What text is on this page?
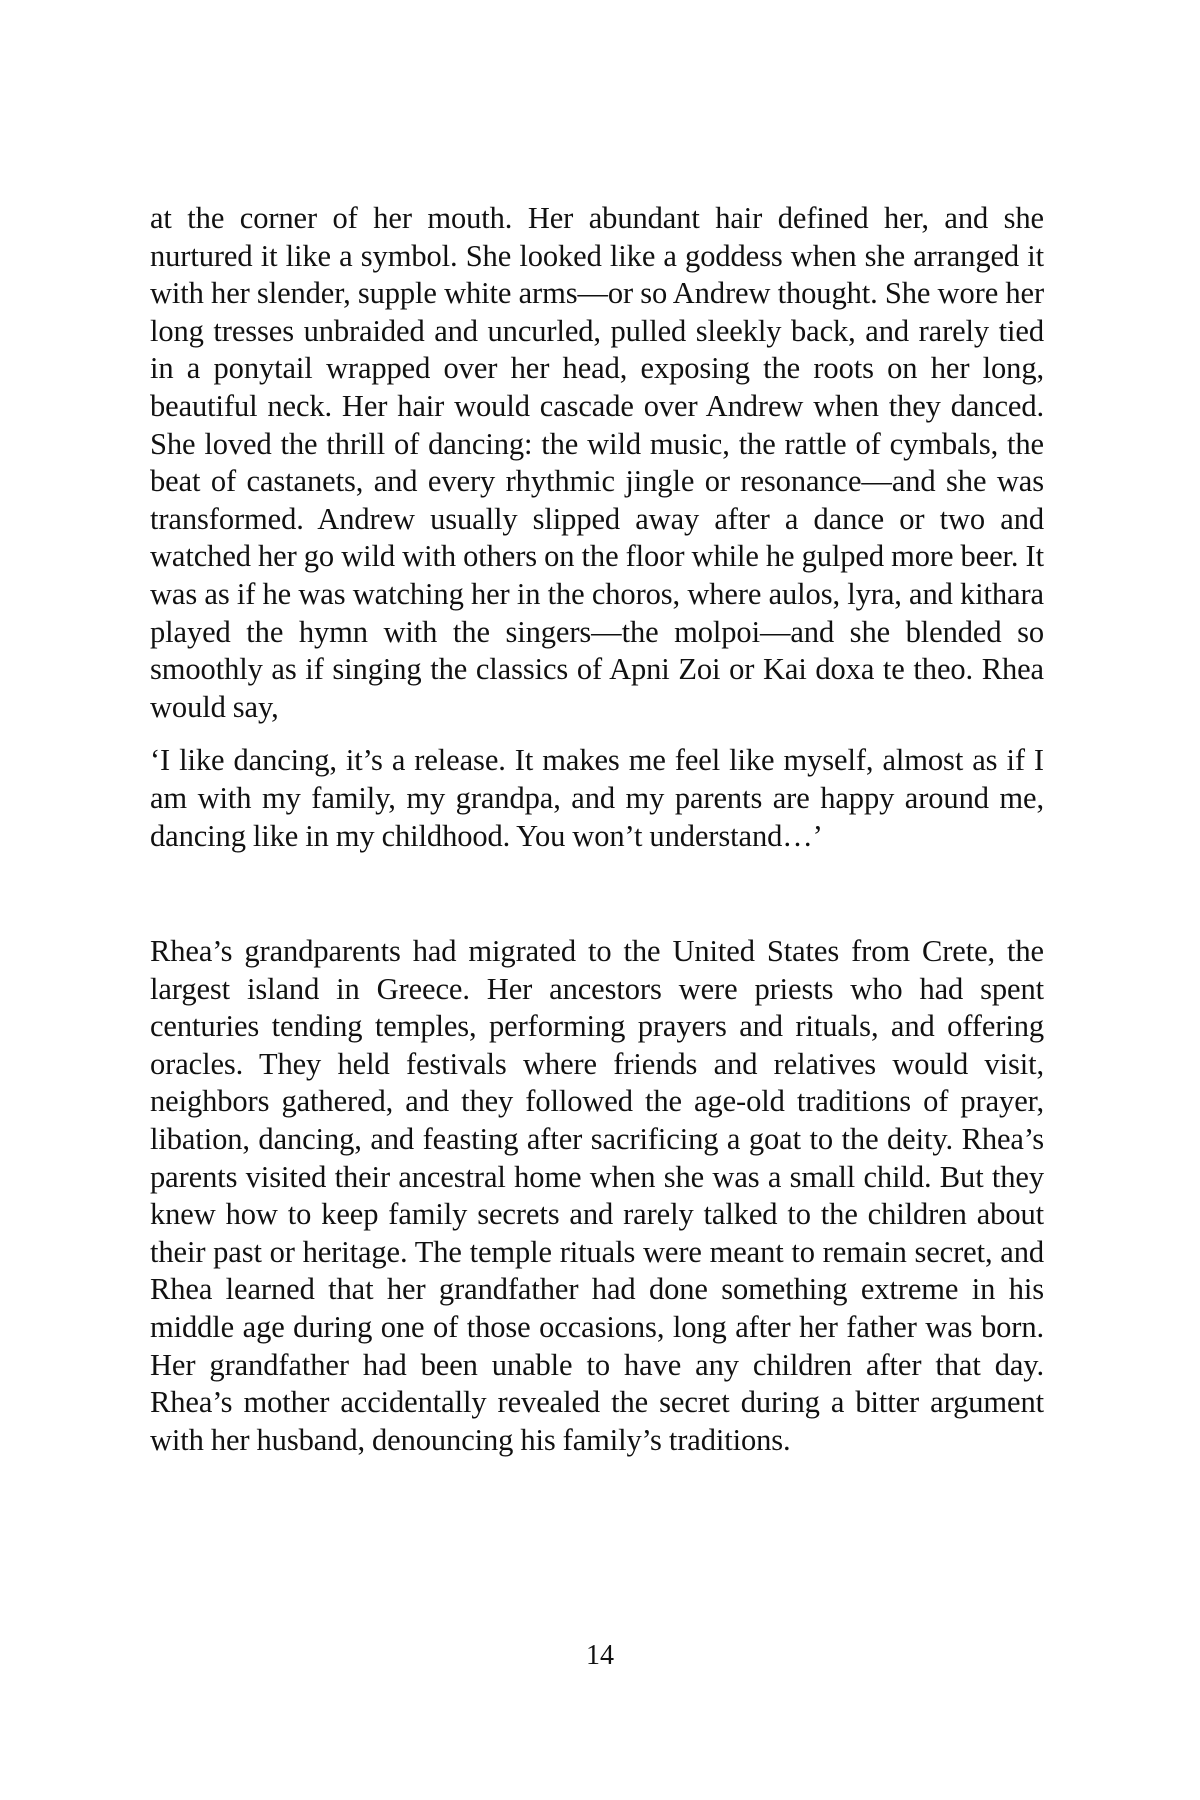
at the corner of her mouth. Her abundant hair defined her, and she nurtured it like a symbol. She looked like a goddess when she arranged it with her slender, supple white arms—or so Andrew thought. She wore her long tresses unbraided and uncurled, pulled sleekly back, and rarely tied in a ponytail wrapped over her head, exposing the roots on her long, beautiful neck. Her hair would cascade over Andrew when they danced. She loved the thrill of dancing: the wild music, the rattle of cymbals, the beat of castanets, and every rhythmic jingle or resonance—and she was transformed. Andrew usually slipped away after a dance or two and watched her go wild with others on the floor while he gulped more beer. It was as if he was watching her in the choros, where aulos, lyra, and kithara played the hymn with the singers—the molpoi—and she blended so smoothly as if singing the classics of Apni Zoi or Kai doxa te theo. Rhea would say,

‘I like dancing, it’s a release. It makes me feel like myself, almost as if I am with my family, my grandpa, and my parents are happy around me, dancing like in my childhood. You won’t understand…’

Rhea’s grandparents had migrated to the United States from Crete, the largest island in Greece. Her ancestors were priests who had spent centuries tending temples, performing prayers and rituals, and offering oracles. They held festivals where friends and relatives would visit, neighbors gathered, and they followed the age-old traditions of prayer, libation, dancing, and feasting after sacrificing a goat to the deity. Rhea’s parents visited their ancestral home when she was a small child. But they knew how to keep family secrets and rarely talked to the children about their past or heritage. The temple rituals were meant to remain secret, and Rhea learned that her grandfather had done something extreme in his middle age during one of those occasions, long after her father was born. Her grandfather had been unable to have any children after that day. Rhea’s mother accidentally revealed the secret during a bitter argument with her husband, denouncing his family’s traditions.

14
